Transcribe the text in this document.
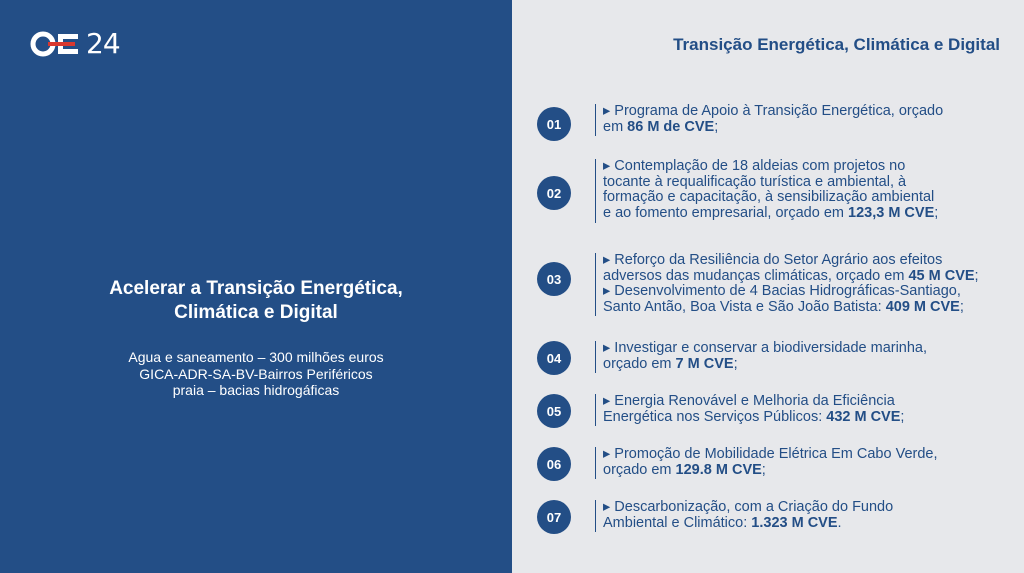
24
Acelerar a Transição Energética,
Climática e Digital
Agua e saneamento – 300 milhões euros
GICA-ADR-SA-BV-Bairros Periféricos
praia – bacias hidrogáficas
Transição Energética, Climática e Digital
01

▸ Programa de Apoio à Transição Energética, orçado

em 86 M de CVE;

02

▸ Contemplação de 18 aldeias com projetos no

tocante à requalificação turística e ambiental, à

formação e capacitação, à sensibilização ambiental

e ao fomento empresarial, orçado em 123,3 M CVE;

03

▸ Reforço da Resiliência do Setor Agrário aos efeitos

adversos das mudanças climáticas, orçado em 45 M CVE;

▸ Desenvolvimento de 4 Bacias Hidrográficas-Santiago,

Santo Antão, Boa Vista e São João Batista: 409 M CVE;

04

▸ Investigar e conservar a biodiversidade marinha,

orçado em 7 M CVE;

05

▸ Energia Renovável e Melhoria da Eficiência

Energética nos Serviços Públicos: 432 M CVE;

06

▸ Promoção de Mobilidade Elétrica Em Cabo Verde,

orçado em 129.8 M CVE;

07

▸ Descarbonização, com a Criação do Fundo

Ambiental e Climático: 1.323 M CVE.
